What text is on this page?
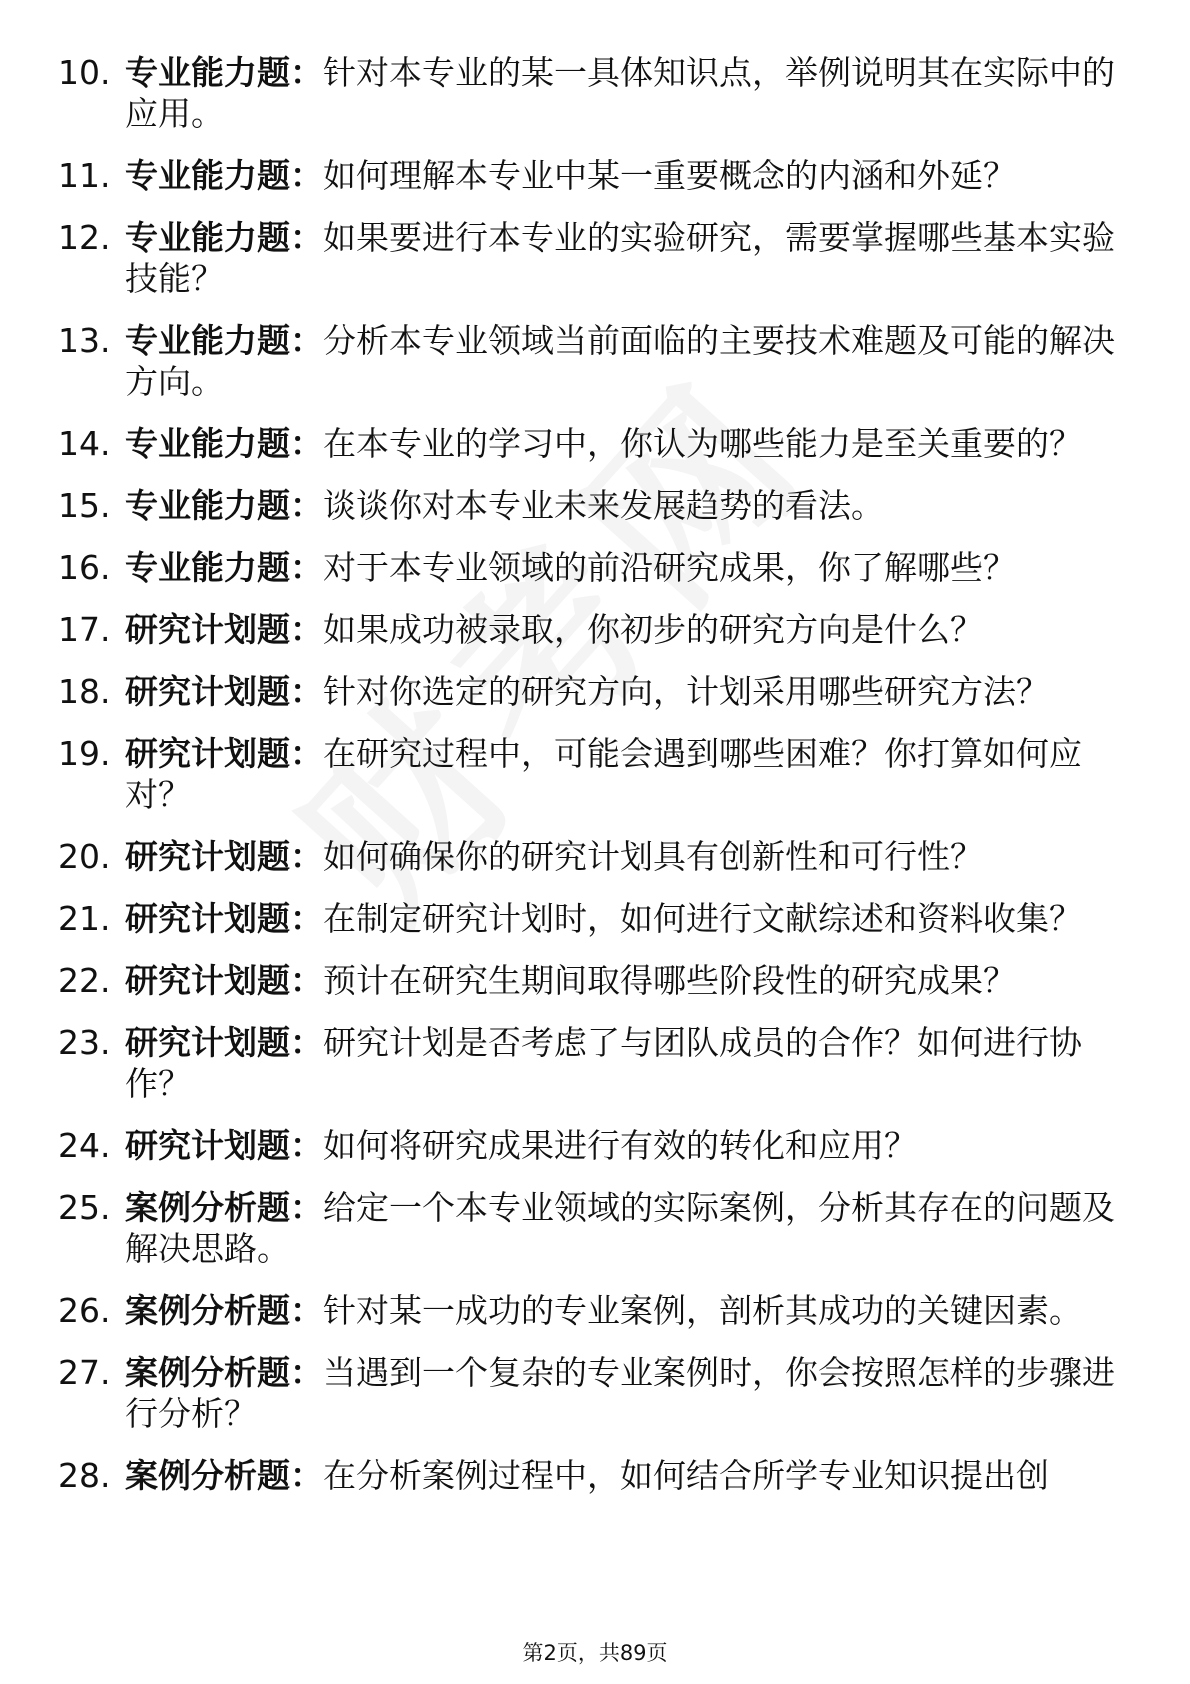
10. 专业能力题：针对本专业的某一具体知识点，举例说明其在实际中的应用。
11. 专业能力题：如何理解本专业中某一重要概念的内涵和外延？
12. 专业能力题：如果要进行本专业的实验研究，需要掌握哪些基本实验技能？
13. 专业能力题：分析本专业领域当前面临的主要技术难题及可能的解决方向。
14. 专业能力题：在本专业的学习中，你认为哪些能力是至关重要的？
15. 专业能力题：谈谈你对本专业未来发展趋势的看法。
16. 专业能力题：对于本专业领域的前沿研究成果，你了解哪些？
17. 研究计划题：如果成功被录取，你初步的研究方向是什么？
18. 研究计划题：针对你选定的研究方向，计划采用哪些研究方法？
19. 研究计划题：在研究过程中，可能会遇到哪些困难？你打算如何应对？
20. 研究计划题：如何确保你的研究计划具有创新性和可行性？
21. 研究计划题：在制定研究计划时，如何进行文献综述和资料收集？
22. 研究计划题：预计在研究生期间取得哪些阶段性的研究成果？
23. 研究计划题：研究计划是否考虑了与团队成员的合作？如何进行协作？
24. 研究计划题：如何将研究成果进行有效的转化和应用？
25. 案例分析题：给定一个本专业领域的实际案例，分析其存在的问题及解决思路。
26. 案例分析题：针对某一成功的专业案例，剖析其成功的关键因素。
27. 案例分析题：当遇到一个复杂的专业案例时，你会按照怎样的步骤进行分析？
28. 案例分析题：在分析案例过程中，如何结合所学专业知识提出创
第2页，共89页
